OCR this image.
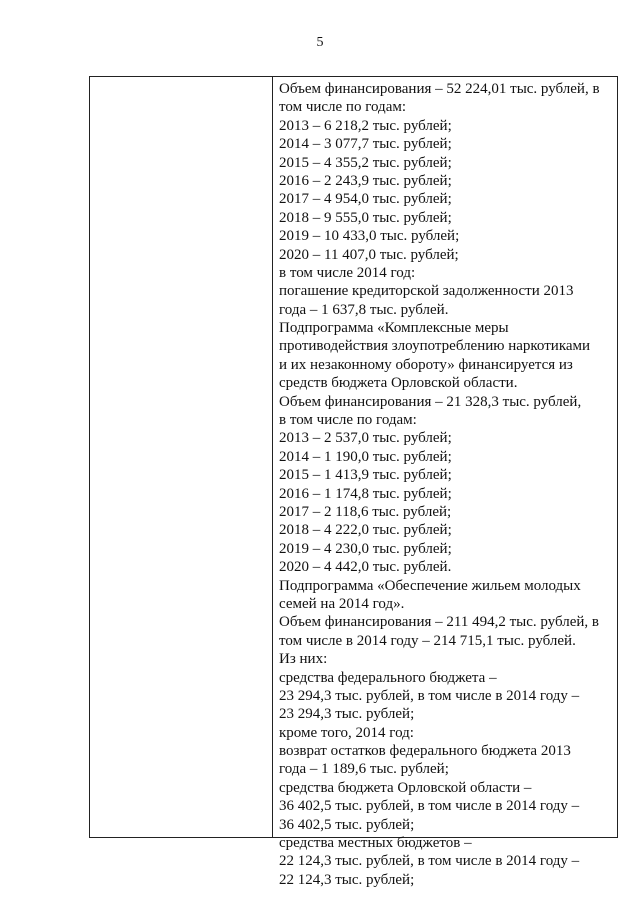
5
Объем финансирования – 52 224,01 тыс. рублей, в
том числе по годам:
2013 – 6 218,2 тыс. рублей;
2014 – 3 077,7 тыс. рублей;
2015 – 4 355,2 тыс. рублей;
2016 – 2 243,9 тыс. рублей;
2017 – 4 954,0 тыс. рублей;
2018 – 9 555,0 тыс. рублей;
2019 – 10 433,0 тыс. рублей;
2020 – 11 407,0 тыс. рублей;
в том числе 2014 год:
погашение кредиторской задолженности 2013
года – 1 637,8 тыс. рублей.
Подпрограмма «Комплексные меры
противодействия злоупотреблению наркотиками
и их незаконному обороту» финансируется из
средств бюджета Орловской области.
Объем финансирования – 21 328,3 тыс. рублей,
в том числе по годам:
2013 – 2 537,0 тыс. рублей;
2014 – 1 190,0 тыс. рублей;
2015 – 1 413,9 тыс. рублей;
2016 – 1 174,8 тыс. рублей;
2017 – 2 118,6 тыс. рублей;
2018 – 4 222,0 тыс. рублей;
2019 – 4 230,0 тыс. рублей;
2020 – 4 442,0 тыс. рублей.
Подпрограмма «Обеспечение жильем молодых
семей на 2014 год».
Объем финансирования – 211 494,2 тыс. рублей, в
том числе в 2014 году – 214 715,1 тыс. рублей.
Из них:
средства федерального бюджета –
23 294,3 тыс. рублей, в том числе в 2014 году –
23 294,3 тыс. рублей;
кроме того, 2014 год:
возврат остатков федерального бюджета 2013
года – 1 189,6 тыс. рублей;
средства бюджета Орловской области –
36 402,5 тыс. рублей, в том числе в 2014 году –
36 402,5 тыс. рублей;
средства местных бюджетов –
22 124,3 тыс. рублей, в том числе в 2014 году –
22 124,3 тыс. рублей;
